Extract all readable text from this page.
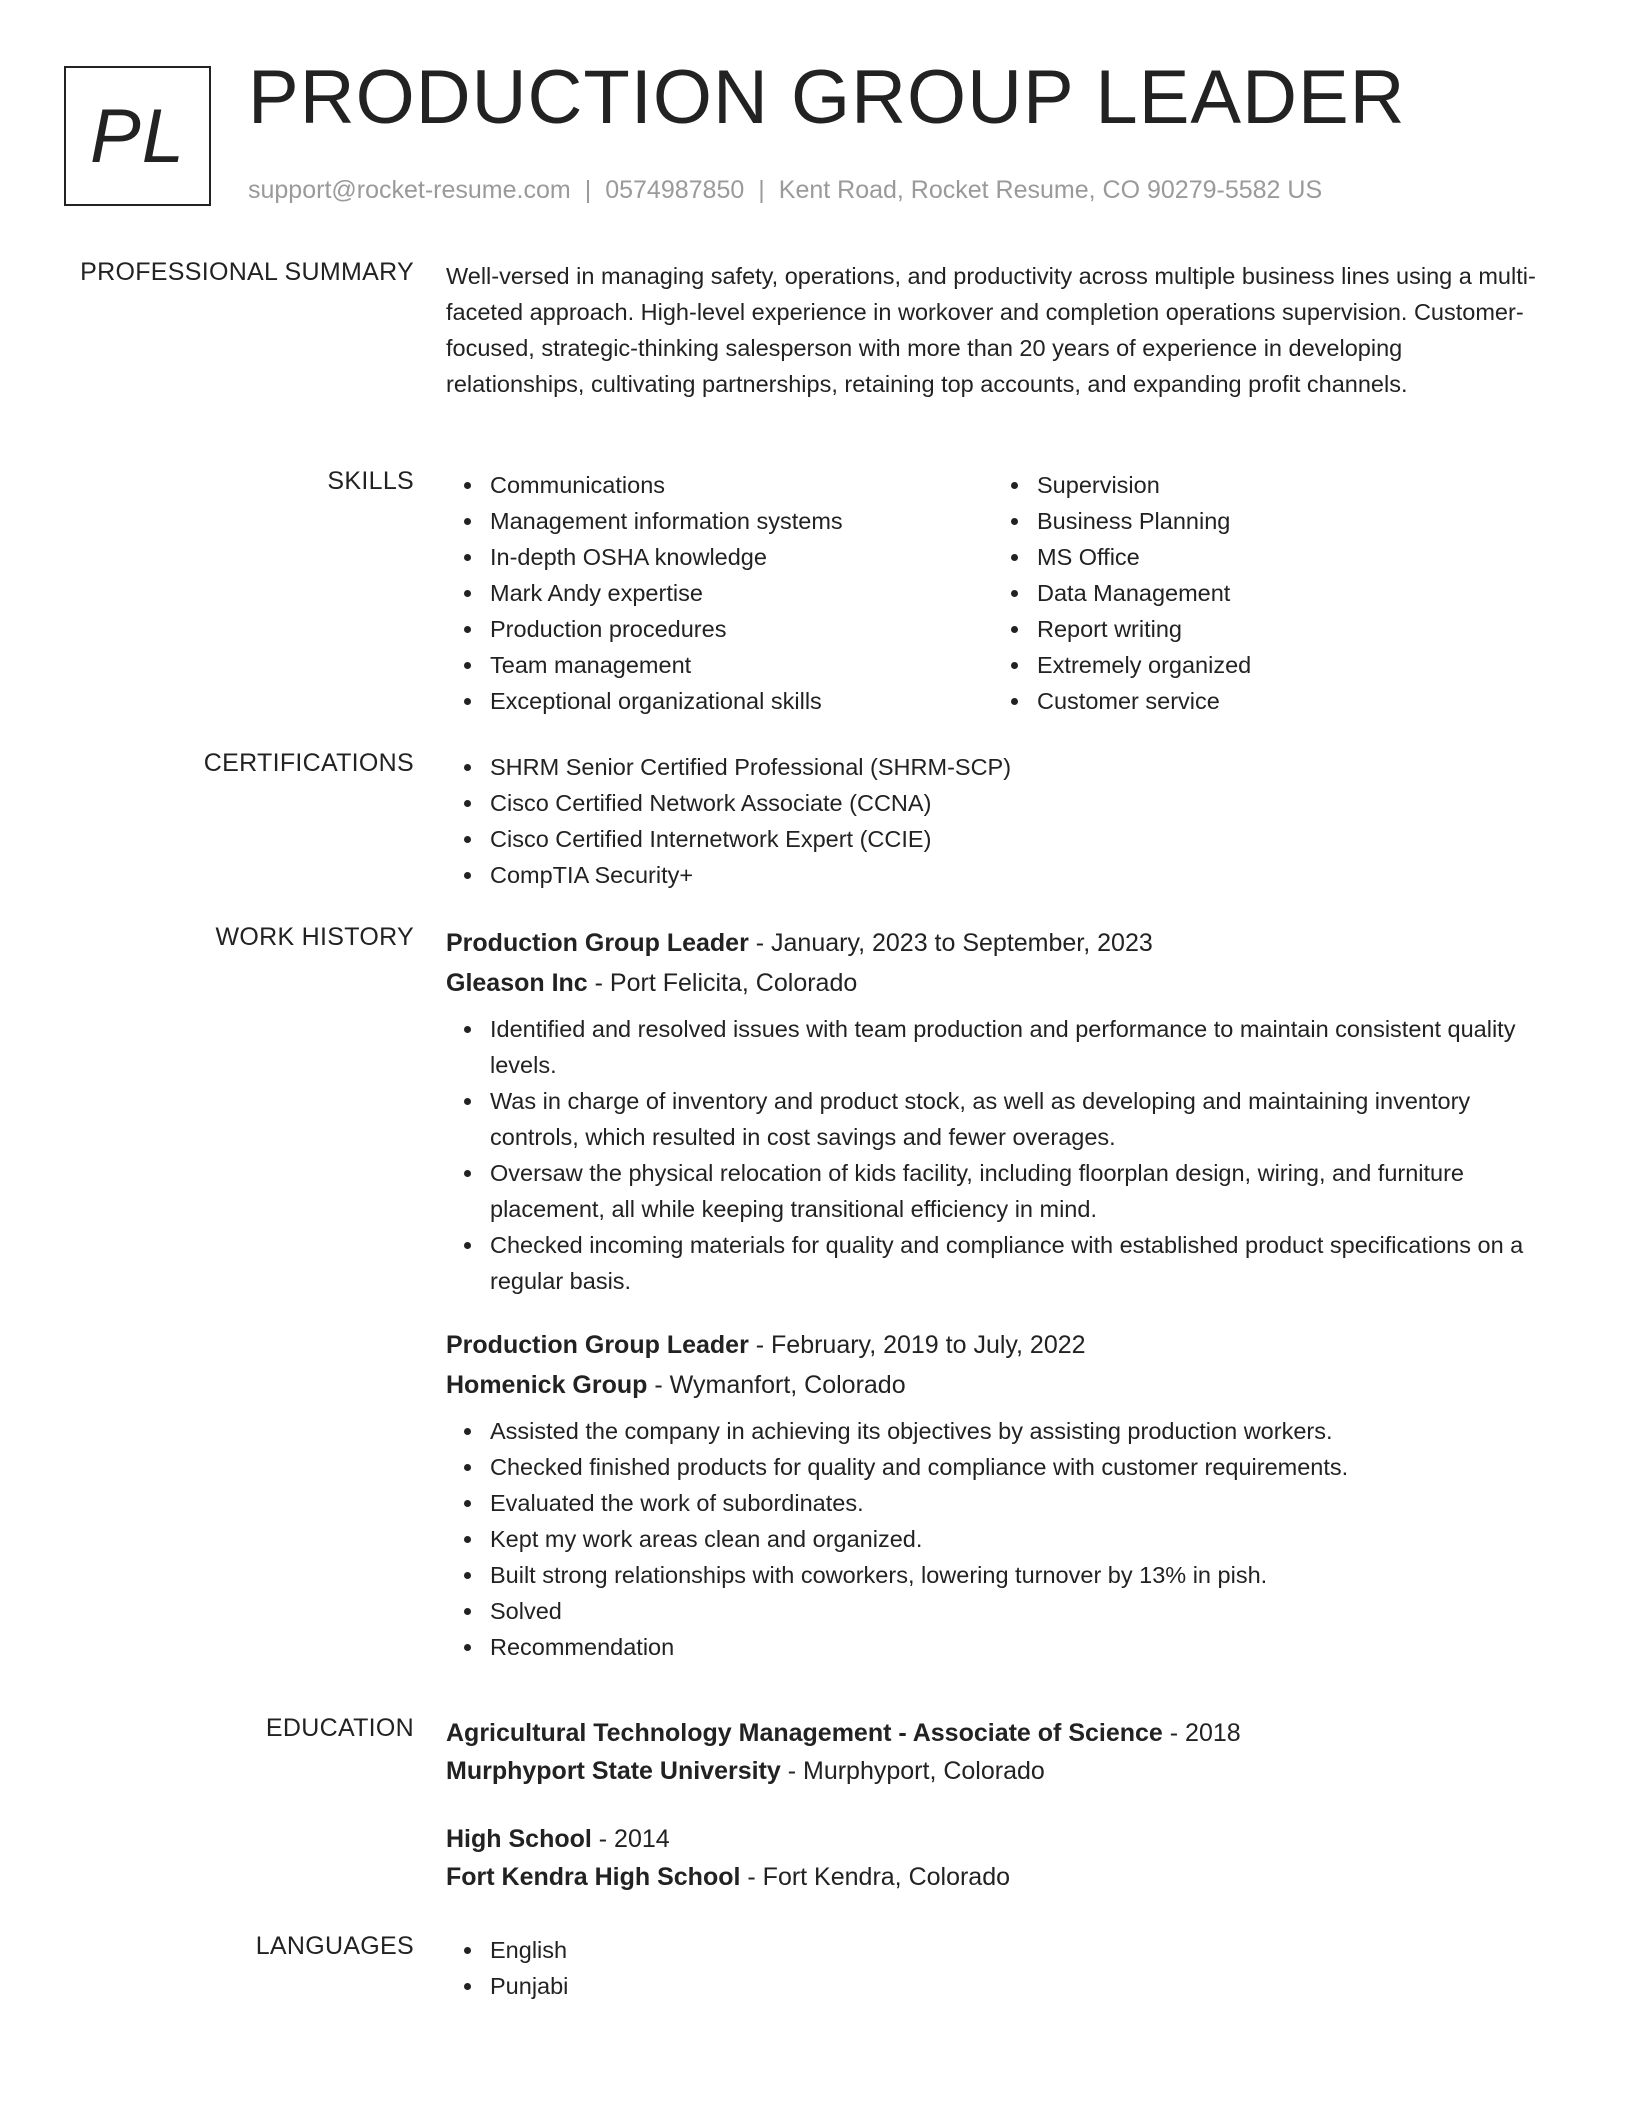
PL PRODUCTION GROUP LEADER
support@rocket-resume.com | 0574987850 | Kent Road, Rocket Resume, CO 90279-5582 US
PROFESSIONAL SUMMARY Well-versed in managing safety, operations, and productivity across multiple business lines using a multi-faceted approach. High-level experience in workover and completion operations supervision. Customer-focused, strategic-thinking salesperson with more than 20 years of experience in developing relationships, cultivating partnerships, retaining top accounts, and expanding profit channels.
SKILLS	Communications
Management information systems
In-depth OSHA knowledge
Mark Andy expertise
Production procedures
Team management
Exceptional organizational skills
Supervision
Business Planning
MS Office
Data Management
Report writing
Extremely organized
Customer service
CERTIFICATIONS	SHRM Senior Certified Professional (SHRM-SCP)
Cisco Certified Network Associate (CCNA)
Cisco Certified Internetwork Expert (CCIE)
CompTIA Security+
WORK HISTORY Production Group Leader - January, 2023 to September, 2023
Gleason Inc - Port Felicita, Colorado
Identified and resolved issues with team production and performance to maintain consistent quality levels.
Was in charge of inventory and product stock, as well as developing and maintaining inventory controls, which resulted in cost savings and fewer overages.
Oversaw the physical relocation of kids facility, including floorplan design, wiring, and furniture placement, all while keeping transitional efficiency in mind.
Checked incoming materials for quality and compliance with established product specifications on a regular basis.
Production Group Leader - February, 2019 to July, 2022
Homenick Group - Wymanfort, Colorado
Assisted the company in achieving its objectives by assisting production workers.
Checked finished products for quality and compliance with customer requirements.
Evaluated the work of subordinates.
Kept my work areas clean and organized.
Built strong relationships with coworkers, lowering turnover by 13% in pish.
Solved
Recommendation
EDUCATION Agricultural Technology Management - Associate of Science - 2018
Murphyport State University - Murphyport, Colorado
High School - 2014
Fort Kendra High School - Fort Kendra, Colorado
LANGUAGES	English
Punjabi
